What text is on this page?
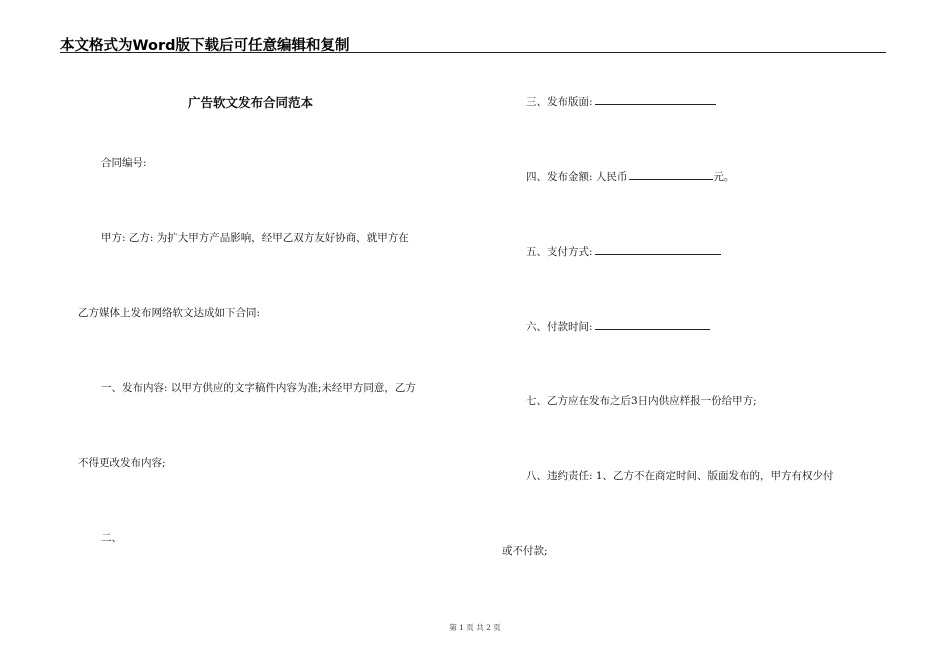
本文格式为Word版下载后可任意编辑和复制
广告软文发布合同范本
合同编号:
甲方: 乙方: 为扩大甲方产品影响，经甲乙双方友好协商，就甲方在
乙方媒体上发布网络软文达成如下合同:
一、发布内容: 以甲方供应的文字稿件内容为准;未经甲方同意，乙方
不得更改发布内容;
二、
三、发布版面:
四、发布金额: 人民币	元。
五、支付方式:
六、付款时间:
七、乙方应在发布之后3日内供应样报一份给甲方;
八、违约责任: 1、乙方不在商定时间、版面发布的，甲方有权少付
或不付款;
第 1 页 共 2 页
